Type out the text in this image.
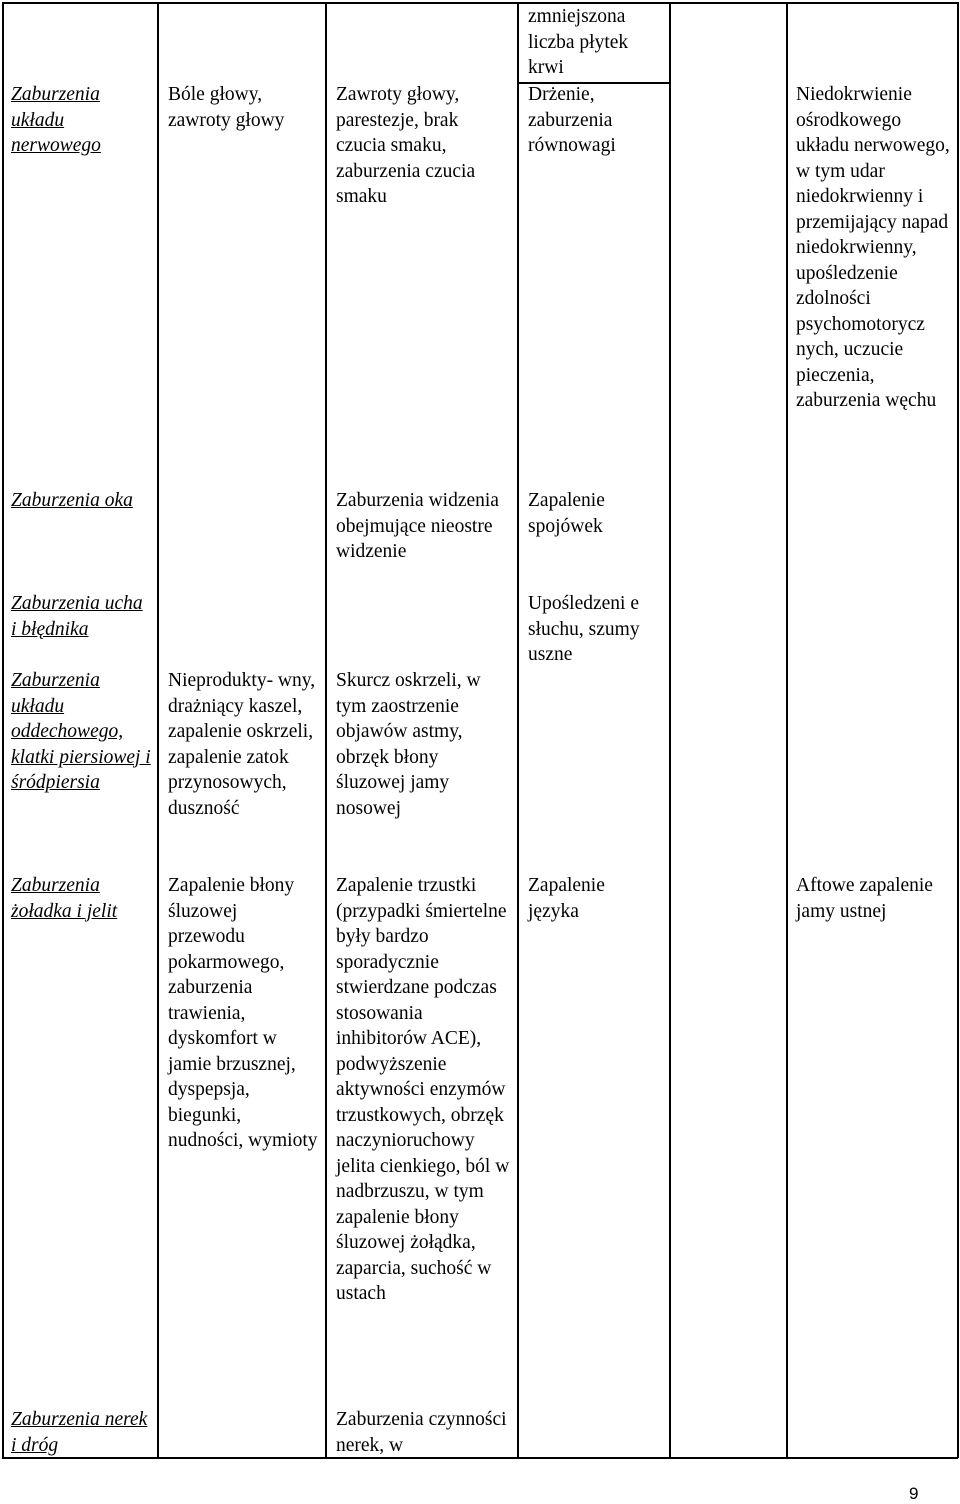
zmniejszona liczba płytek krwi
Zaburzenia układu nerwowego
Bóle głowy, zawroty głowy
Zawroty głowy, parestezje, brak czucia smaku, zaburzenia czucia smaku
Drżenie, zaburzenia równowagi
Niedokrwienie ośrodkowego układu nerwowego, w tym udar niedokrwienny i przemijający napad niedokrwienny, upośledzenie zdolności psychomotorycz nych, uczucie pieczenia, zaburzenia węchu
Zaburzenia oka	Zaburzenia widzenia obejmujące nieostre widzenie
Zapalenie spojówek
Zaburzenia ucha i błędnika
Upośledzeni e słuchu, szumy uszne
Zaburzenia układu oddechowego, klatki piersiowej i śródpiersia
Nieprodukty- wny, drażniący kaszel, zapalenie oskrzeli, zapalenie zatok przynosowych, duszność
Skurcz oskrzeli, w tym zaostrzenie objawów astmy, obrzęk błony śluzowej jamy nosowej
Zaburzenia żoładka i jelit
Zapalenie błony śluzowej przewodu pokarmowego, zaburzenia trawienia, dyskomfort w jamie brzusznej, dyspepsja, biegunki, nudności, wymioty
Zapalenie trzustki (przypadki śmiertelne były bardzo sporadycznie stwierdzane podczas stosowania inhibitorów ACE), podwyższenie aktywności enzymów trzustkowych, obrzęk naczynioruchowy jelita cienkiego, ból w nadbrzuszu, w tym zapalenie błony śluzowej żołądka, zaparcia, suchość w ustach
Zapalenie języka
Aftowe zapalenie jamy ustnej
Zaburzenia nerek i dróg
Zaburzenia czynności nerek, w
9
